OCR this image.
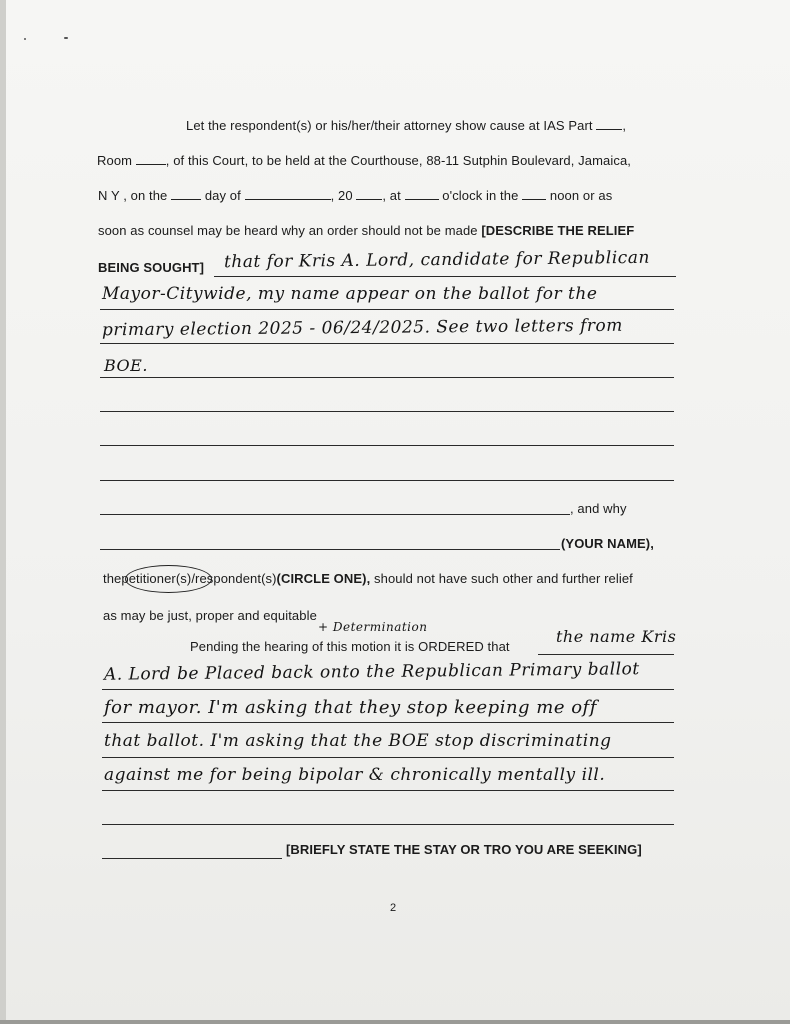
Let the respondent(s) or his/her/their attorney show cause at IAS Part ,
Room	, of this Court, to be held at the Courthouse, 88-11 Sutphin Boulevard, Jamaica,
N Y , on the	day of	, 20 , at	o'clock in the noon or as
soon as counsel may be heard why an order should not be made [DESCRIBE THE RELIEF
BEING SOUGHT] that for Kris A. Lord, candidate for Republican
Mayor-Citywide, my name appear on the ballot for the
primary election 2025 - 06/24/2025. See two letters from
BOE.
, and why
(YOUR NAME),
thepetitioner(s)/respondent(s)(CIRCLE ONE), should not have such other and further relief
as may be just, proper and equitable
+ Determination
Pending the hearing of this motion it is ORDERED that
the name Kris
A. Lord be Placed back onto the Republican Primary ballot
for mayor. I'm asking that they stop keeping me off
that ballot. I'm asking that the BOE stop discriminating
against me for being bipolar & chronically mentally ill.
[BRIEFLY STATE THE STAY OR TRO YOU ARE SEEKING]
2
